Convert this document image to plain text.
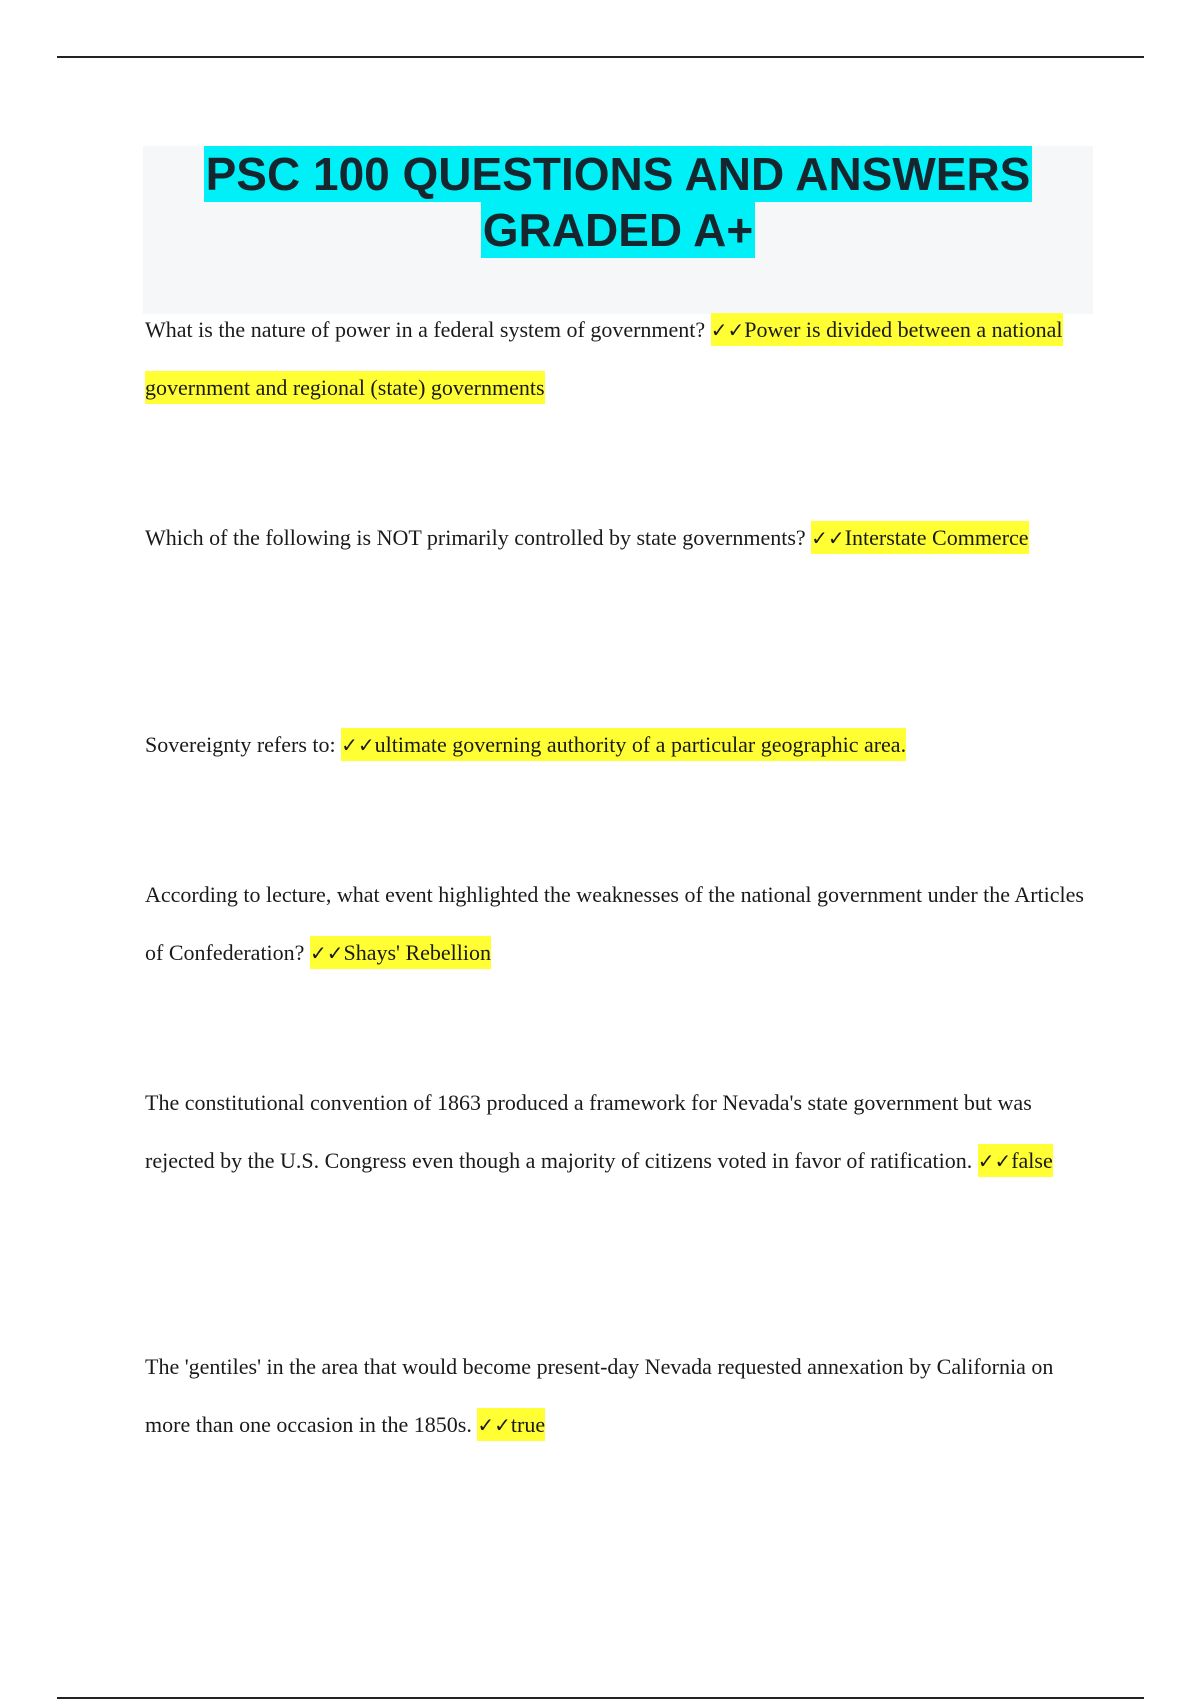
PSC 100 QUESTIONS AND ANSWERS
GRADED A+
What is the nature of power in a federal system of government? ✓✓Power is divided between a national government and regional (state) governments
Which of the following is NOT primarily controlled by state governments? ✓✓Interstate Commerce
Sovereignty refers to: ✓✓ultimate governing authority of a particular geographic area.
According to lecture, what event highlighted the weaknesses of the national government under the Articles of Confederation? ✓✓Shays' Rebellion
The constitutional convention of 1863 produced a framework for Nevada's state government but was rejected by the U.S. Congress even though a majority of citizens voted in favor of ratification. ✓✓false
The 'gentiles' in the area that would become present-day Nevada requested annexation by California on more than one occasion in the 1850s. ✓✓true
